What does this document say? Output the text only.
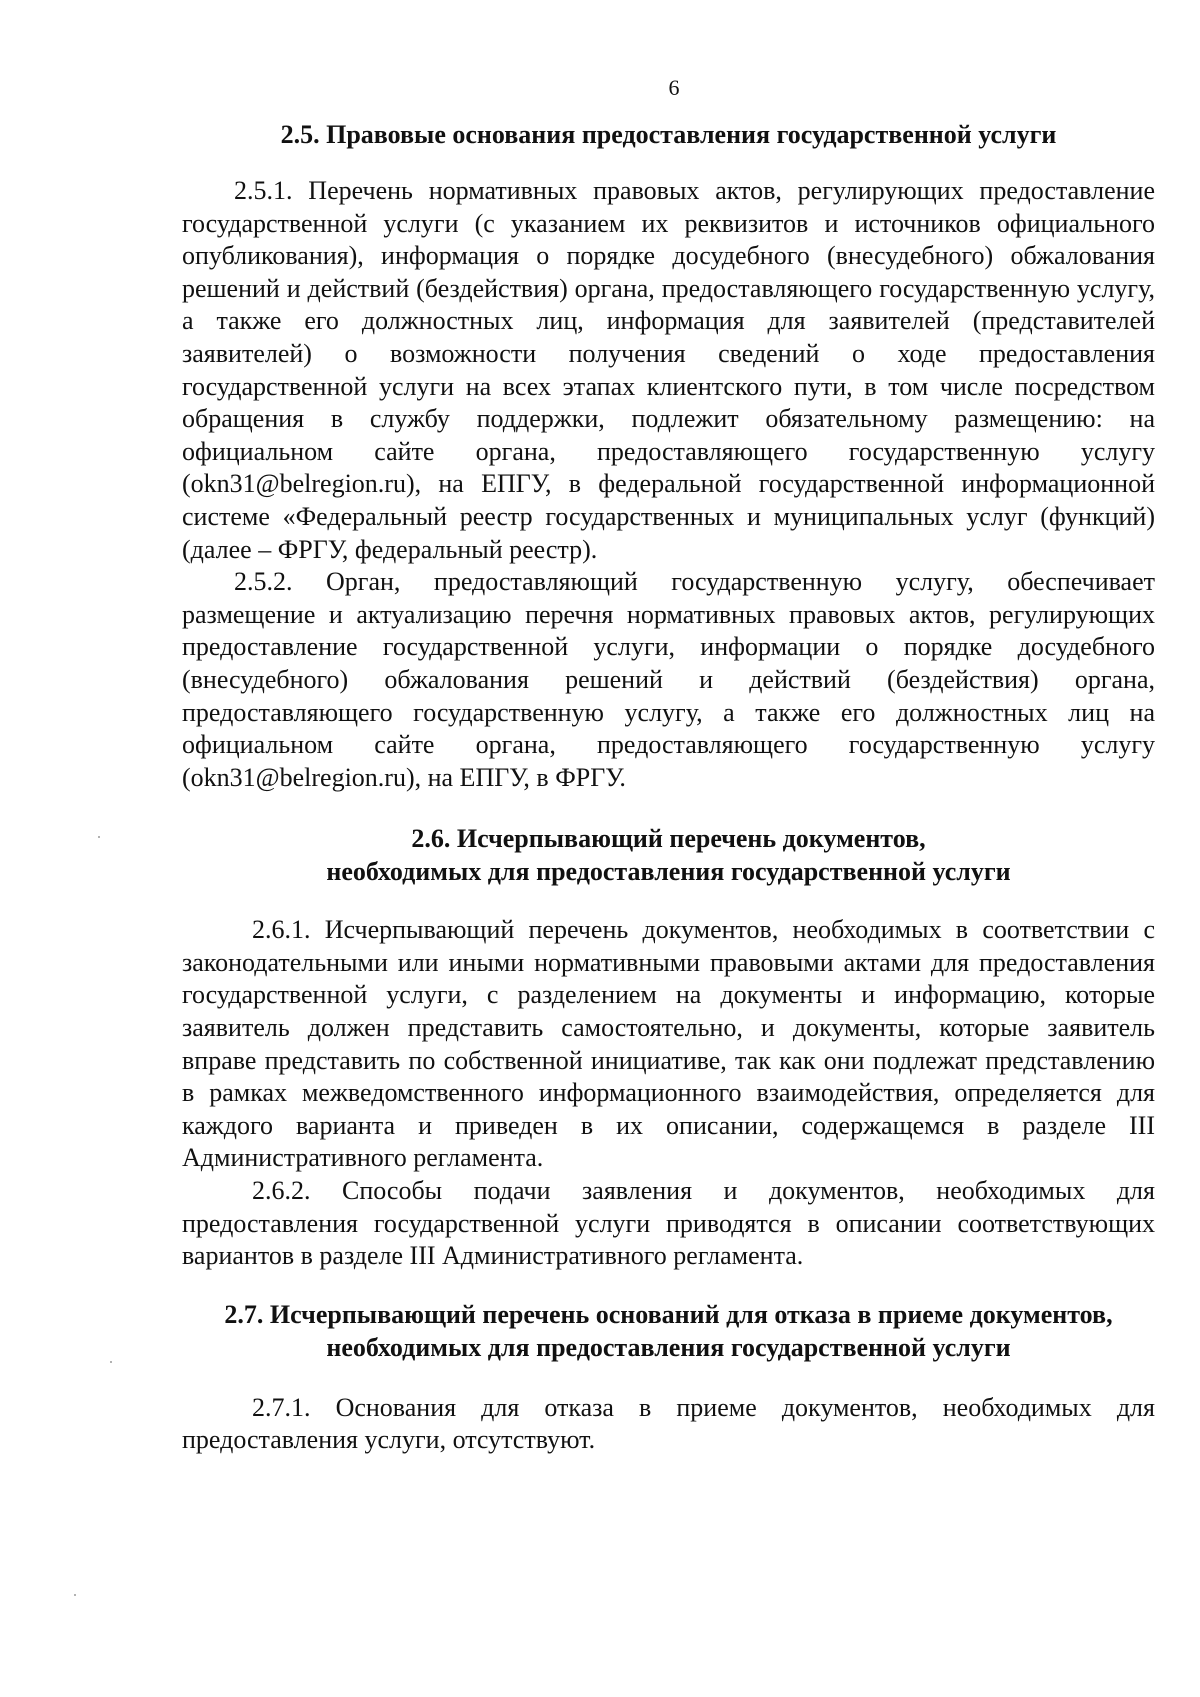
6
2.5. Правовые основания предоставления государственной услуги

2.5.1. Перечень нормативных правовых актов, регулирующих предоставление государственной услуги (с указанием их реквизитов и источников официального опубликования), информация о порядке досудебного (внесудебного) обжалования решений и действий (бездействия) органа, предоставляющего государственную услугу, а также его должностных лиц, информация для заявителей (представителей заявителей) о возможности получения сведений о ходе предоставления государственной услуги на всех этапах клиентского пути, в том числе посредством обращения в службу поддержки, подлежит обязательному размещению: на официальном сайте органа, предоставляющего государственную услугу (okn31@belregion.ru), на ЕПГУ, в федеральной государственной информационной системе «Федеральный реестр государственных и муниципальных услуг (функций) (далее – ФРГУ, федеральный реестр).

2.5.2. Орган, предоставляющий государственную услугу, обеспечивает размещение и актуализацию перечня нормативных правовых актов, регулирующих предоставление государственной услуги, информации о порядке досудебного (внесудебного) обжалования решений и действий (бездействия) органа, предоставляющего государственную услугу, а также его должностных лиц на официальном сайте органа, предоставляющего государственную услугу (okn31@belregion.ru), на ЕПГУ, в ФРГУ.

2.6. Исчерпывающий перечень документов,
необходимых для предоставления государственной услуги

2.6.1. Исчерпывающий перечень документов, необходимых в соответствии с законодательными или иными нормативными правовыми актами для предоставления государственной услуги, с разделением на документы и информацию, которые заявитель должен представить самостоятельно, и документы, которые заявитель вправе представить по собственной инициативе, так как они подлежат представлению в рамках межведомственного информационного взаимодействия, определяется для каждого варианта и приведен в их описании, содержащемся в разделе III Административного регламента.

2.6.2. Способы подачи заявления и документов, необходимых для предоставления государственной услуги приводятся в описании соответствующих вариантов в разделе III Административного регламента.

2.7. Исчерпывающий перечень оснований для отказа в приеме документов,
необходимых для предоставления государственной услуги

2.7.1. Основания для отказа в приеме документов, необходимых для предоставления услуги, отсутствуют.
